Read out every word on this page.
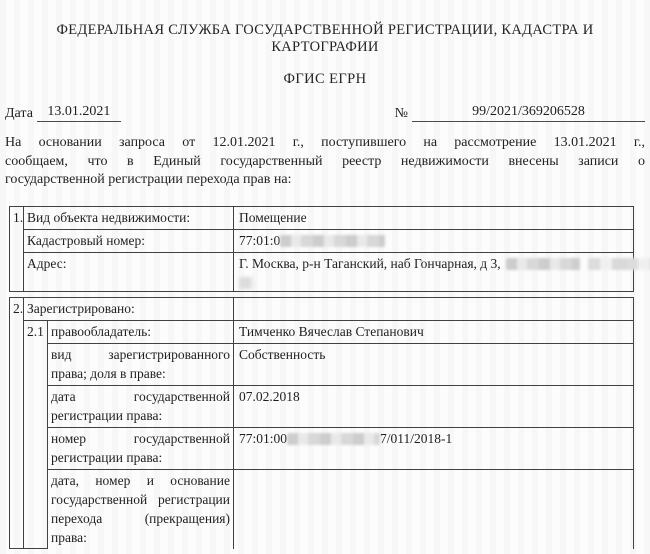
ФЕДЕРАЛЬНАЯ СЛУЖБА ГОСУДАРСТВЕННОЙ РЕГИСТРАЦИИ, КАДАСТРА И
КАРТОГРАФИИ
ФГИС ЕГРН
Дата	13.01.2021	№	99/2021/369206528
На основании запроса от 12.01.2021 г., поступившего на рассмотрение 13.01.2021 г.,
сообщаем, что в Единый государственный реестр недвижимости внесены записи о
государственной регистрации перехода прав на:
1.	Вид объекта недвижимости:	Помещение
	Кадастровый номер:	77:01:0
	Адрес:	Г. Москва, р-н Таганский, наб Гончарная, д 3,
2.	Зарегистрировано:		
	2.1	правообладатель:	Тимченко Вячеслав Степанович
		вид зарегистрированного права; доля в праве:	Собственность
		дата государственной регистрации права:	07.02.2018
		номер государственной регистрации права:	77:01:00 7/011/2018-1
		дата, номер и основание государственной регистрации перехода (прекращения) права:	
